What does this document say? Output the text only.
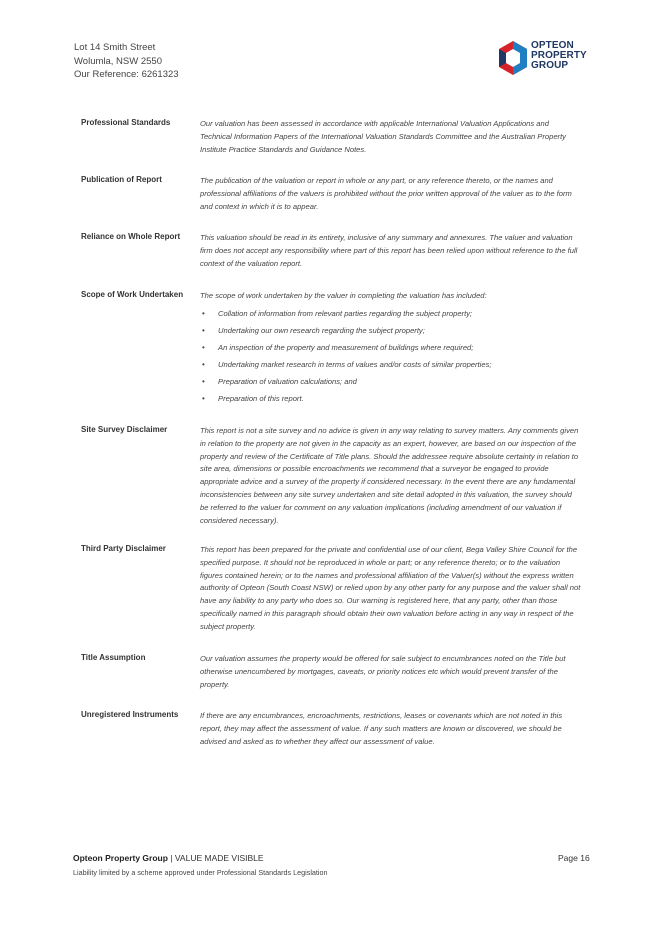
Lot 14 Smith Street
Wolumla, NSW 2550
Our Reference: 6261323
OPTEON
PROPERTY
GROUP
Professional Standards	Our valuation has been assessed in accordance with applicable International Valuation Applications and Technical Information Papers of the International Valuation Standards Committee and the Australian Property Institute Practice Standards and Guidance Notes.
Publication of Report	The publication of the valuation or report in whole or any part, or any reference thereto, or the names and professional affiliations of the valuers is prohibited without the prior written approval of the valuer as to the form and context in which it is to appear.
Reliance on Whole Report	This valuation should be read in its entirety, inclusive of any summary and annexures. The valuer and valuation firm does not accept any responsibility where part of this report has been relied upon without reference to the full context of the valuation report.
Scope of Work Undertaken	The scope of work undertaken by the valuer in completing the valuation has included:

• Collation of information from relevant parties regarding the subject property;
• Undertaking our own research regarding the subject property;
• An inspection of the property and measurement of buildings where required;
• Undertaking market research in terms of values and/or costs of similar properties;
• Preparation of valuation calculations; and
• Preparation of this report.
Site Survey Disclaimer	This report is not a site survey and no advice is given in any way relating to survey matters. Any comments given in relation to the property are not given in the capacity as an expert, however, are based on our inspection of the property and review of the Certificate of Title plans. Should the addressee require absolute certainty in relation to site area, dimensions or possible encroachments we recommend that a surveyor be engaged to provide appropriate advice and a survey of the property if considered necessary. In the event there are any fundamental inconsistencies between any site survey undertaken and site detail adopted in this valuation, the survey should be referred to the valuer for comment on any valuation implications (including amendment of our valuation if considered necessary).
Third Party Disclaimer	This report has been prepared for the private and confidential use of our client, Bega Valley Shire Council for the specified purpose. It should not be reproduced in whole or part; or any reference thereto; or to the valuation figures contained herein; or to the names and professional affiliation of the Valuer(s) without the express written authority of Opteon (South Coast NSW) or relied upon by any other party for any purpose and the valuer shall not have any liability to any party who does so. Our warning is registered here, that any party, other than those specifically named in this paragraph should obtain their own valuation before acting in any way in respect of the subject property.
Title Assumption	Our valuation assumes the property would be offered for sale subject to encumbrances noted on the Title but otherwise unencumbered by mortgages, caveats, or priority notices etc which would prevent transfer of the property.
Unregistered Instruments	If there are any encumbrances, encroachments, restrictions, leases or covenants which are not noted in this report, they may affect the assessment of value. If any such matters are known or discovered, we should be advised and asked as to whether they affect our assessment of value.
Opteon Property Group | VALUE MADE VISIBLE
Liability limited by a scheme approved under Professional Standards Legislation
Page 16
